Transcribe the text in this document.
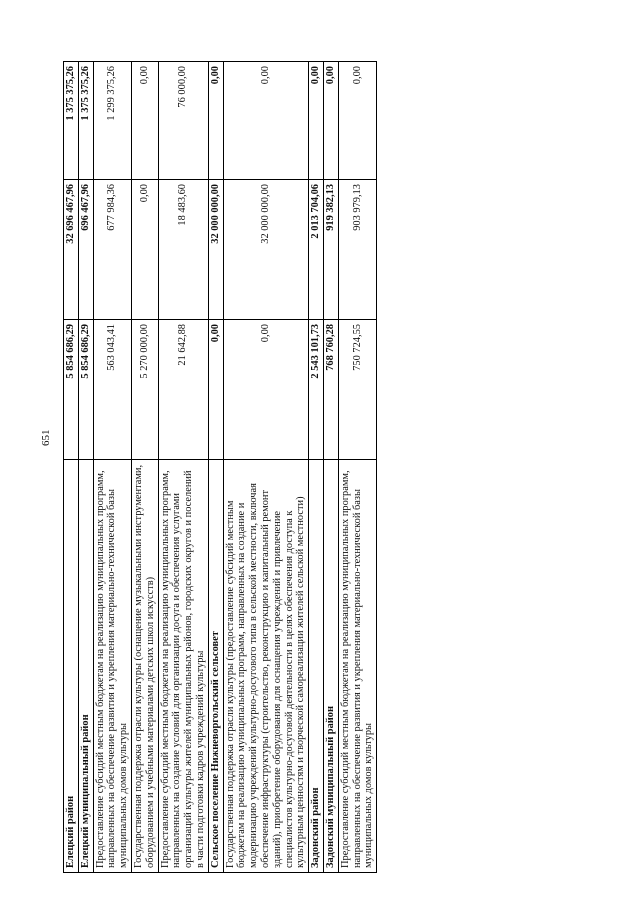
651
Елецкий район	5 854 686,29	32 696 467,96	1 375 375,26
Елецкий муниципальный район	5 854 686,29	696 467,96	1 375 375,26
Предоставление субсидий местным бюджетам на реализацию муниципальных программ, направленных на обеспечение развития и укрепления материально-технической базы муниципальных домов культуры	563 043,41	677 984,36	1 299 375,26
Государственная поддержка отрасли культуры (оснащение музыкальными инструментами, оборудованием и учебными материалами детских школ искусств)	5 270 000,00	0,00	0,00
Предоставление субсидий местным бюджетам на реализацию муниципальных программ, направленных на создание условий для организации досуга и обеспечения услугами организаций культуры жителей муниципальных районов, городских округов и поселений в части подготовки кадров учреждений культуры	21 642,88	18 483,60	76 000,00
Сельское поселение Нижневоргольский сельсовет	0,00	32 000 000,00	0,00
Государственная поддержка отрасли культуры (предоставление субсидий местным бюджетам на реализацию муниципальных программ, направленных на создание и модернизацию учреждений культурно-досугового типа в сельской местности, включая обеспечение инфраструктуры (строительство, реконструкцию и капитальный ремонт зданий), приобретение оборудования для оснащения учреждений и привлечение специалистов культурно-досуговой деятельности в целях обеспечения доступа к культурным ценностям и творческой самореализации жителей сельской местности)	0,00	32 000 000,00	0,00
Задонский район	2 543 101,73	2 013 704,06	0,00
Задонский муниципальный район	768 760,28	919 382,13	0,00
Предоставление субсидий местным бюджетам на реализацию муниципальных программ, направленных на обеспечение развития и укрепления материально-технической базы муниципальных домов культуры	750 724,55	903 979,13	0,00
